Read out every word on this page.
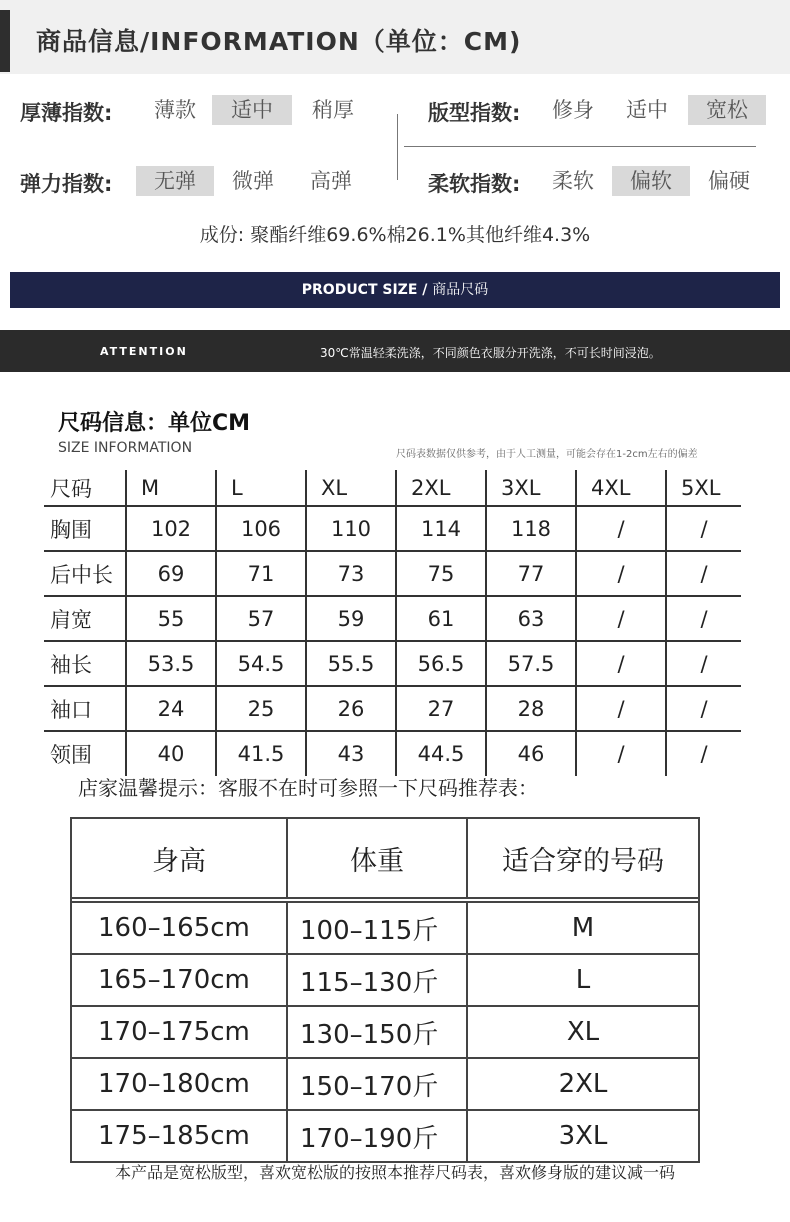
商品信息/INFORMATION（单位：CM)
厚薄指数:	薄款	适中	稍厚	版型指数:	修身	适中	宽松
弹力指数:	无弹	微弹	高弹	柔软指数:	柔软	偏软	偏硬
成份: 聚酯纤维69.6%棉26.1%其他纤维4.3%
PRODUCT SIZE / 商品尺码
ATTENTION	30℃常温轻柔洗涤，不同颜色衣服分开洗涤，不可长时间浸泡。
尺码信息：单位CM
SIZE INFORMATION	尺码表数据仅供参考，由于人工测量，可能会存在1-2cm左右的偏差
尺码	M	L	XL	2XL	3XL	4XL	5XL
胸围	102	106	110	114	118	/	/
后中长	69	71	73	75	77	/	/
肩宽	55	57	59	61	63	/	/
袖长	53.5	54.5	55.5	56.5	57.5	/	/
袖口	24	25	26	27	28	/	/
领围	40	41.5	43	44.5	46	/	/
店家温馨提示：客服不在时可参照一下尺码推荐表：
身高	体重	适合穿的号码

160–165cm	100–115斤	M
165–170cm	115–130斤	L
170–175cm	130–150斤	XL
170–180cm	150–170斤	2XL
175–185cm	170–190斤	3XL
本产品是宽松版型，喜欢宽松版的按照本推荐尺码表，喜欢修身版的建议减一码
